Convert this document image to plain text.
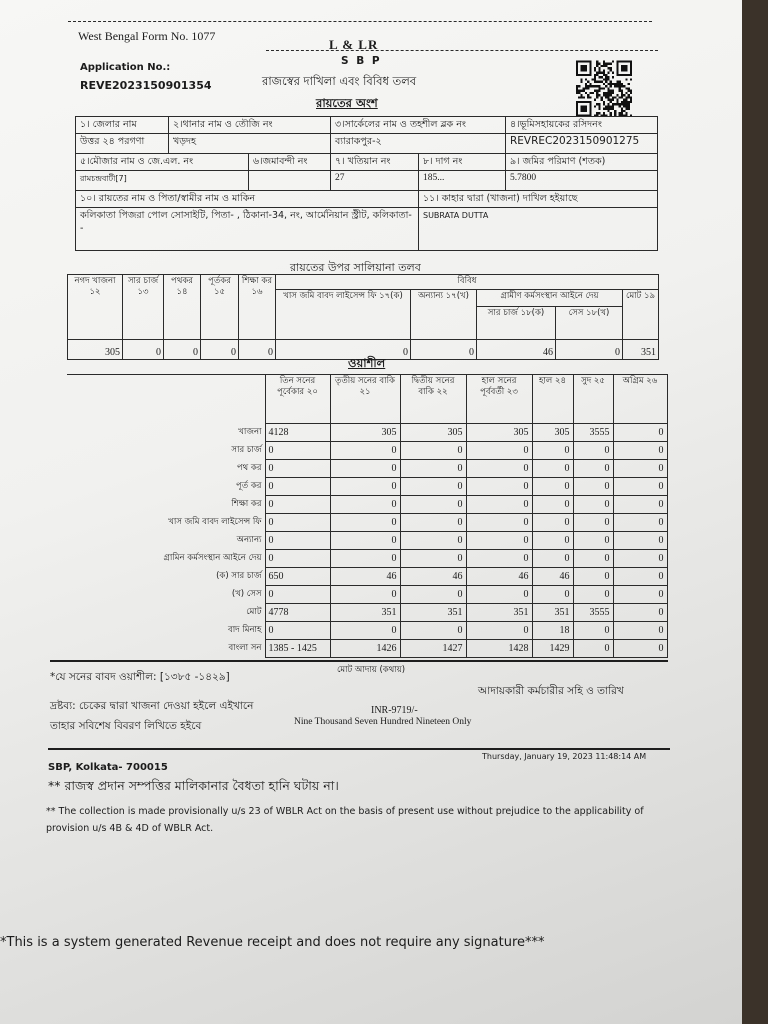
West Bengal Form No. 1077
L & LR
S B P
Application No.:
রাজস্বের দাখিলা এবং বিবিধ তলব
REVE2023150901354
রায়তের অংশ
১। জেলার নাম	২।থানার নাম ও তৌজি নং		৩।সার্কেলের নাম ও তহশীল ব্লক নং		৪।ভূমিসহায়কের রসিদনং
উত্তর ২৪ পরগণা	খড়দহ		ব্যারাকপুর-২		REVREC2023150901275
৫।মৌজার নাম ও জে.এল. নং		৬।জমাবন্দী নং	৭। খতিয়ান নং	৮। দাগ নং	৯। জমির পরিমাণ (শতক)
রামচন্দ্রবাটী[7]			27	185...	5.7800
১০। রায়তের নাম ও পিতা/স্বামীর নাম ও মাকিন				১১। কাহার দ্বারা (খাজনা) দাখিল হইয়াছে	
কলিকাতা পিজরা পোল সোসাইটি, পিতা- , ঠিকানা-34, নং, আর্মেনিয়ান স্ট্রীট, কলিকাতা--				SUBRATA DUTTA	
রায়তের উপর সালিয়ানা তলব
নগদ খাজনা ১২	সার চার্জ ১৩	পথকর ১৪	পূর্তকর ১৫	শিক্ষা কর ১৬	বিবিধ				
					খাস জমি বাবদ লাইসেন্স ফি ১৭(ক)	অন্যান্য ১৭(খ)	গ্রামীণ কর্মসংস্থান আইনে দেয়		মোট ১৯
							সার চার্জ ১৮(ক)	সেস ১৮(খ)	
305	0	0	0	0	0	0	46	0	351
ওয়াশীল
	তিন সনের পূর্বেকার ২০	তৃতীয় সনের বাকি ২১	দ্বিতীয় সনের বাকি ২২	হাল সনের পূর্ববর্তী ২৩	হাল ২৪	সুদ ২৫	অগ্রিম ২৬
খাজনা	4128	305	305	305	305	3555	0
সার চার্জ	0	0	0	0	0	0	0
পথ কর	0	0	0	0	0	0	0
পূর্ত কর	0	0	0	0	0	0	0
শিক্ষা কর	0	0	0	0	0	0	0
খাস জমি বাবদ লাইসেন্স ফি	0	0	0	0	0	0	0
অন্যান্য	0	0	0	0	0	0	0
গ্রামিন কর্মসংস্থান আইনে দেয়	0	0	0	0	0	0	0
(ক) সার চার্জ	650	46	46	46	46	0	0
(খ) সেস	0	0	0	0	0	0	0
মোট	4778	351	351	351	351	3555	0
বাদ মিনাহ	0	0	0	0	18	0	0
বাংলা সন	1385 - 1425	1426	1427	1428	1429	0	0
*যে সনের বাবদ ওয়াশীল: [১৩৮৫ -১৪২৯]
মোট আদায় (কথায়)
আদায়কারী কর্মচারীর সহি ও তারিখ
দ্রষ্টব্য: চেকের দ্বারা খাজনা দেওয়া হইলে এইখানে তাহার সবিশেষ বিবরণ লিখিতে হইবে
INR-9719/-
Nine Thousand Seven Hundred Nineteen Only
Thursday, January 19, 2023 11:48:14 AM
SBP, Kolkata- 700015
** রাজস্ব প্রদান সম্পত্তির মালিকানার বৈধতা হানি ঘটায় না।
** The collection is made provisionally u/s 23 of WBLR Act on the basis of present use without prejudice to the applicability of provision u/s 4B & 4D of WBLR Act.
*This is a system generated Revenue receipt and does not require any signature***
